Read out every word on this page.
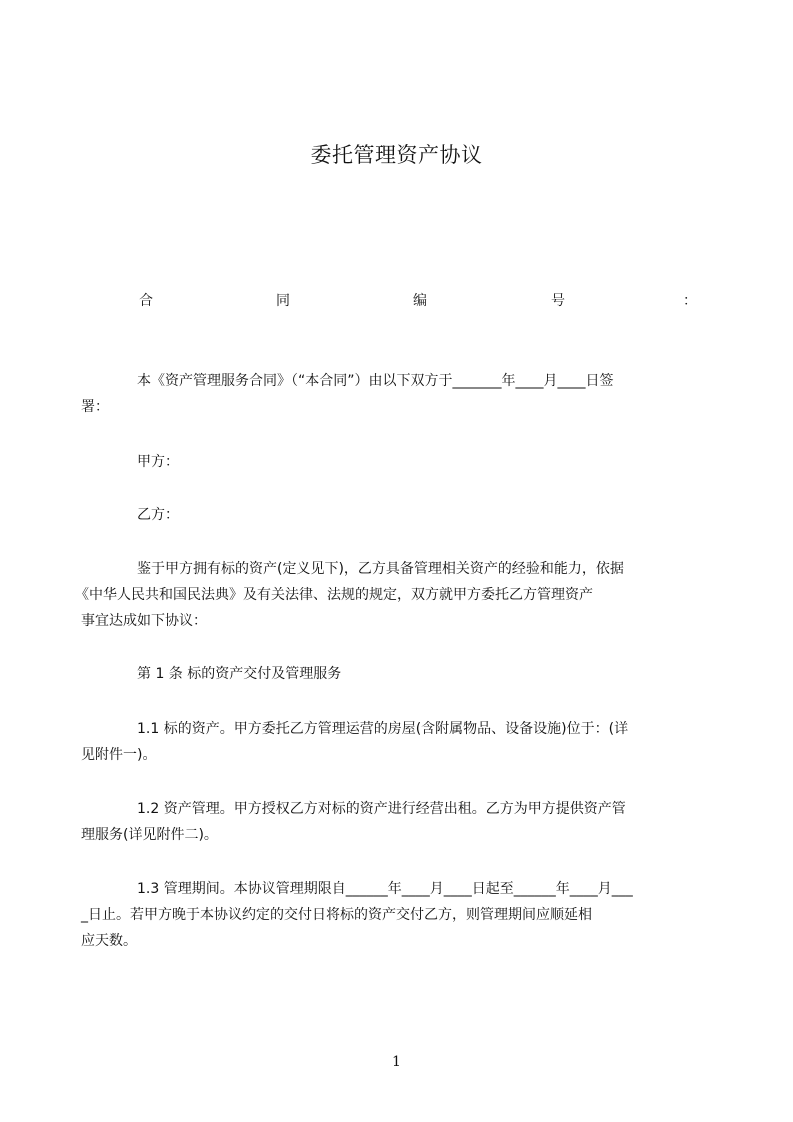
委托管理资产协议
合	同	编	号	：
本《资产管理服务合同》（“本合同”）由以下双方于_______年____月____日签
署：
甲方：
乙方：
鉴于甲方拥有标的资产(定义见下)，乙方具备管理相关资产的经验和能力，依据
《中华人民共和国民法典》及有关法律、法规的规定，双方就甲方委托乙方管理资产
事宜达成如下协议：
第 1 条 标的资产交付及管理服务
1.1 标的资产。甲方委托乙方管理运营的房屋(含附属物品、设备设施)位于：(详
见附件一)。
1.2 资产管理。甲方授权乙方对标的资产进行经营出租。乙方为甲方提供资产管
理服务(详见附件二)。
1.3 管理期间。本协议管理期限自______年____月____日起至______年____月___
_日止。若甲方晚于本协议约定的交付日将标的资产交付乙方，则管理期间应顺延相
应天数。
1
